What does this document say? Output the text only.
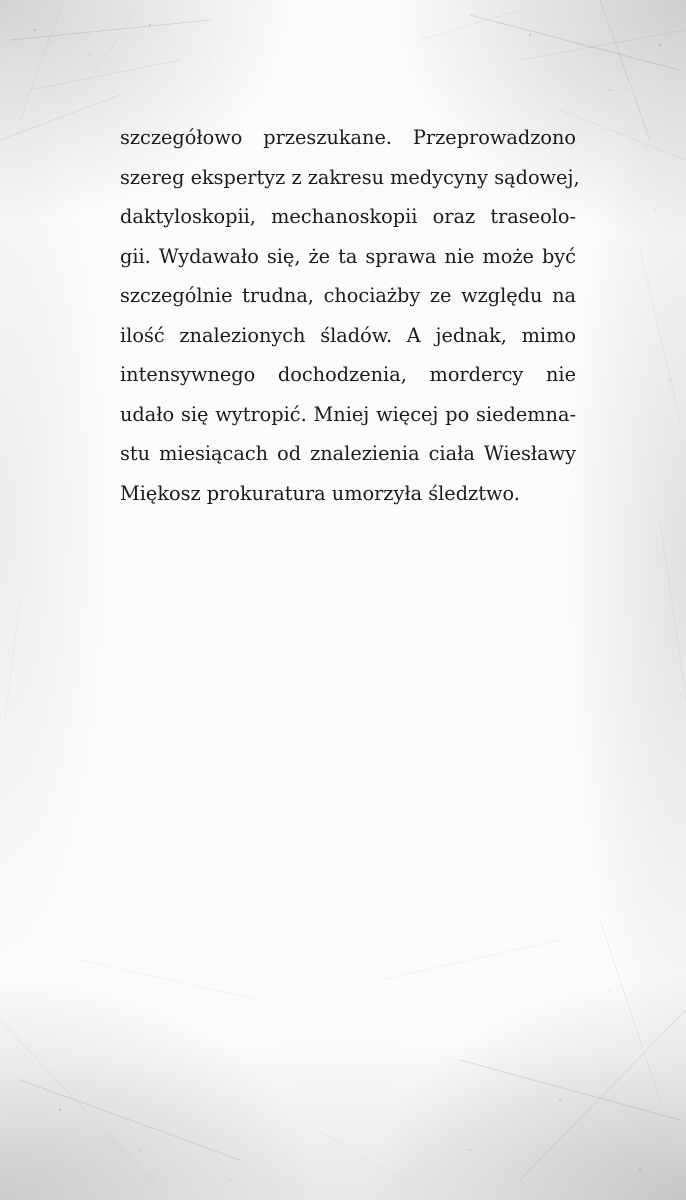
szczegółowo przeszukane. Przeprowadzono
szereg ekspertyz z zakresu medycyny sądowej,
daktyloskopii, mechanoskopii oraz traseolo-
gii. Wydawało się, że ta sprawa nie może być
szczególnie trudna, chociażby ze względu na
ilość znalezionych śladów. A jednak, mimo
intensywnego dochodzenia, mordercy nie
udało się wytropić. Mniej więcej po siedemna-
stu miesiącach od znalezienia ciała Wiesławy
Miękosz prokuratura umorzyła śledztwo.
